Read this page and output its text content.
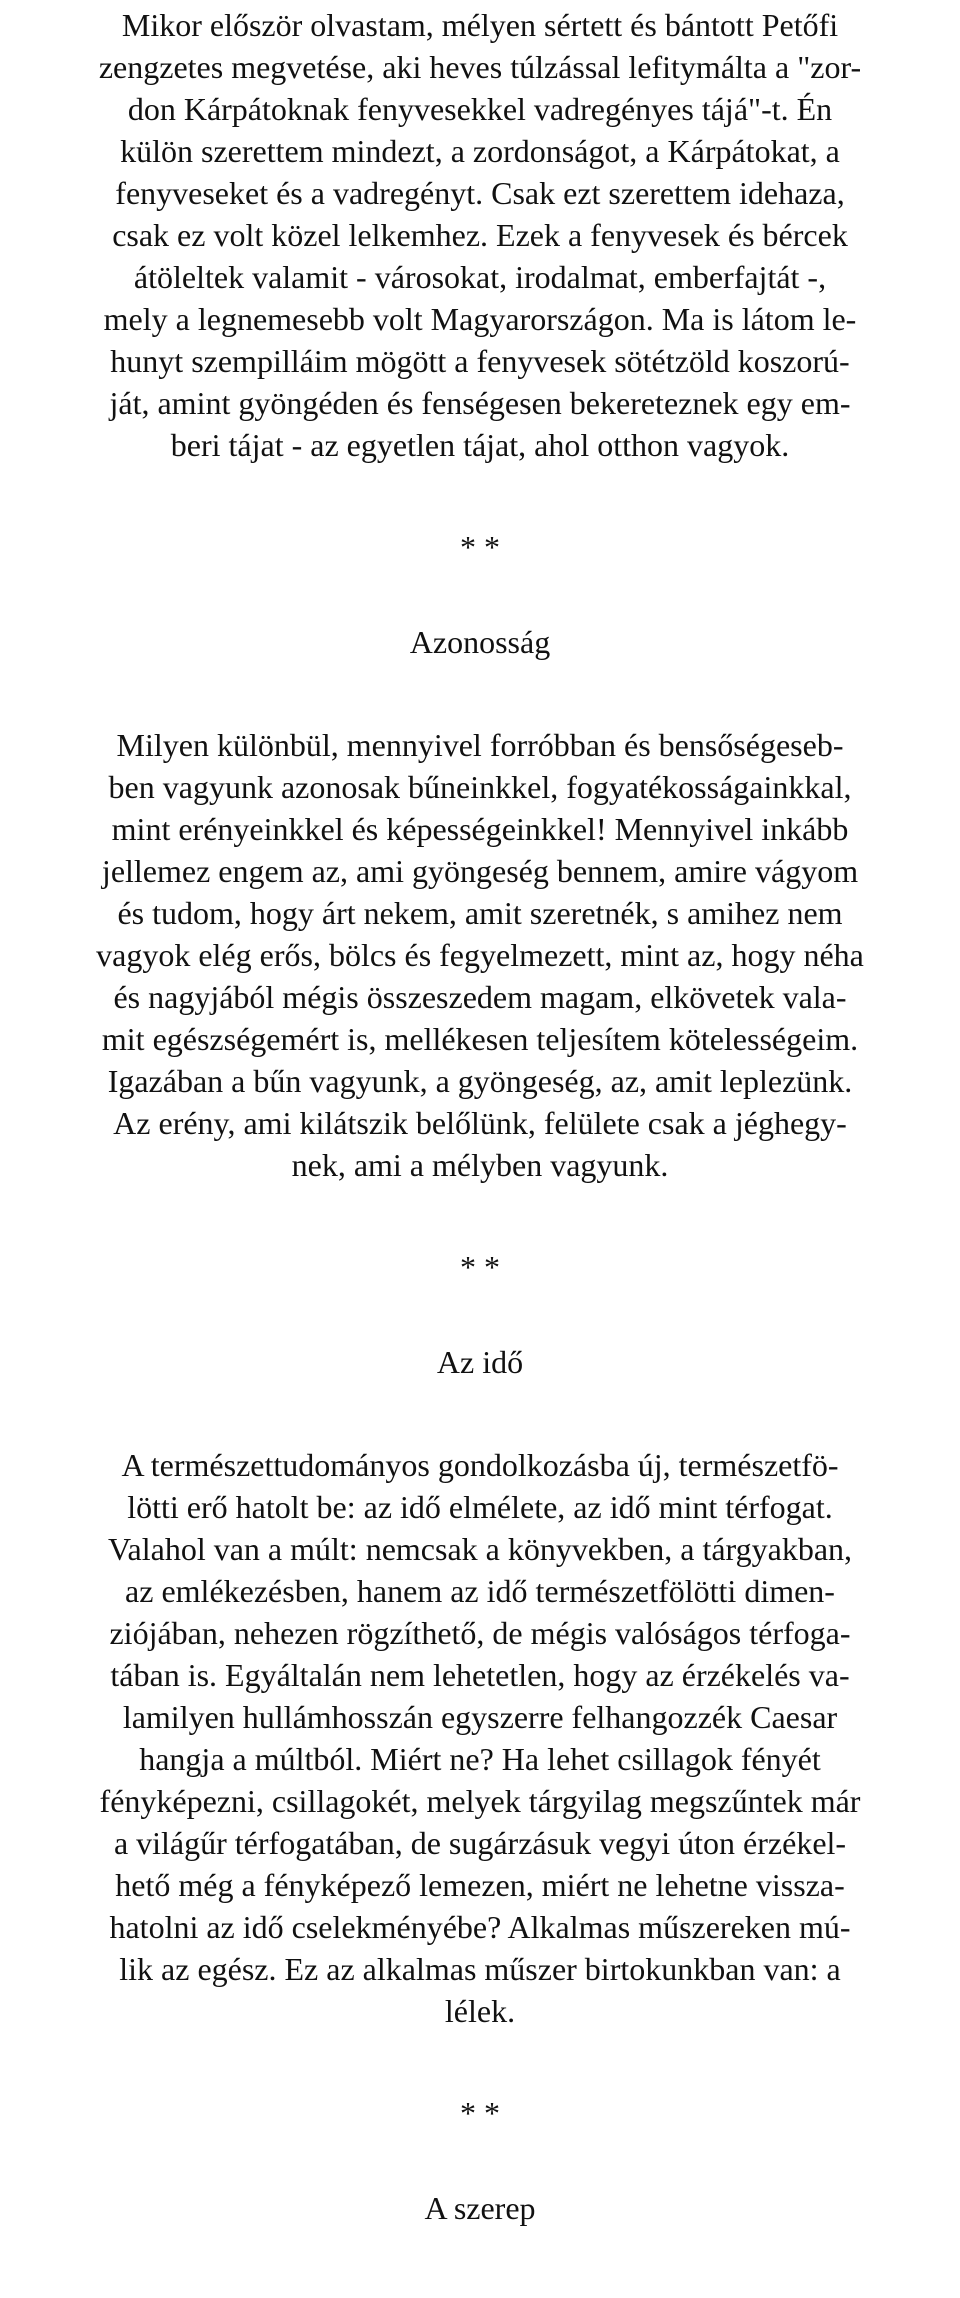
Mikor először olvastam, mélyen sértett és bántott Petőfi
zengzetes megvetése, aki heves túlzással lefitymálta a "zor-
don Kárpátoknak fenyvesekkel vadregényes tájá"-t. Én
külön szerettem mindezt, a zordonságot, a Kárpátokat, a
fenyveseket és a vadregényt. Csak ezt szerettem idehaza,
csak ez volt közel lelkemhez. Ezek a fenyvesek és bércek
átöleltek valamit - városokat, irodalmat, emberfajtát -,
mely a legnemesebb volt Magyarországon. Ma is látom le-
hunyt szempilláim mögött a fenyvesek sötétzöld koszorú-
ját, amint gyöngéden és fenségesen bekereteznek egy em-
beri tájat - az egyetlen tájat, ahol otthon vagyok.
* *
Azonosság
Milyen különbül, mennyivel forróbban és bensőségeseb-
ben vagyunk azonosak bűneinkkel, fogyatékosságainkkal,
mint erényeinkkel és képességeinkkel! Mennyivel inkább
jellemez engem az, ami gyöngeség bennem, amire vágyom
és tudom, hogy árt nekem, amit szeretnék, s amihez nem
vagyok elég erős, bölcs és fegyelmezett, mint az, hogy néha
és nagyjából mégis összeszedem magam, elkövetek vala-
mit egészségemért is, mellékesen teljesítem kötelességeim.
Igazában a bűn vagyunk, a gyöngeség, az, amit leplezünk.
Az erény, ami kilátszik belőlünk, felülete csak a jéghegy-
nek, ami a mélyben vagyunk.
* *
Az idő
A természettudományos gondolkozásba új, természetfö-
lötti erő hatolt be: az idő elmélete, az idő mint térfogat.
Valahol van a múlt: nemcsak a könyvekben, a tárgyakban,
az emlékezésben, hanem az idő természetfölötti dimen-
ziójában, nehezen rögzíthető, de mégis valóságos térfoga-
tában is. Egyáltalán nem lehetetlen, hogy az érzékelés va-
lamilyen hullámhosszán egyszerre felhangozzék Caesar
hangja a múltból. Miért ne? Ha lehet csillagok fényét
fényképezni, csillagokét, melyek tárgyilag megszűntek már
a világűr térfogatában, de sugárzásuk vegyi úton érzékel-
hető még a fényképező lemezen, miért ne lehetne vissza-
hatolni az idő cselekményébe? Alkalmas műszereken mú-
lik az egész. Ez az alkalmas műszer birtokunkban van: a
lélek.
* *
A szerep
